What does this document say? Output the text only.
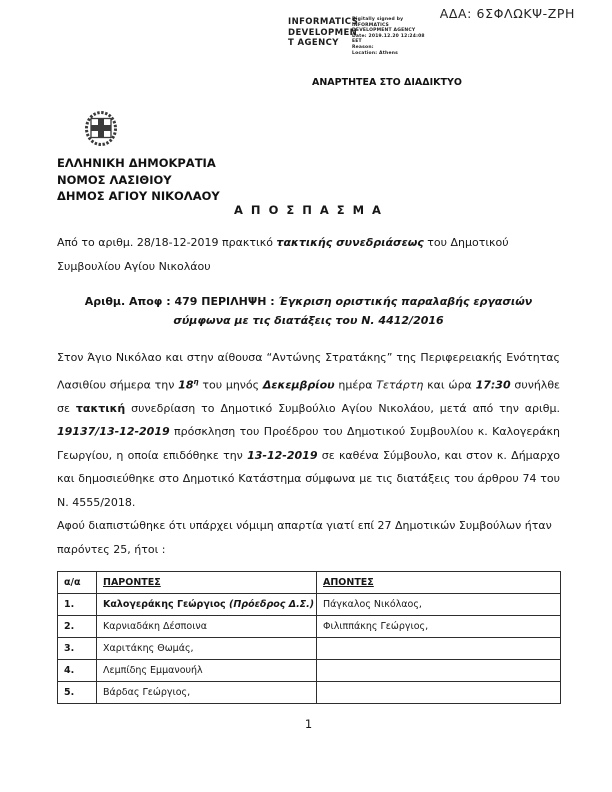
ΑΔΑ: 6ΣΦΛΩΚΨ-ΖΡΗ
INFORMATICS
DEVELOPMEN
T AGENCY
Digitally signed by
INFORMATICS
DEVELOPMENT AGENCY
Date: 2019.12.20 12:24:08
EET
Reason:
Location: Athens
ΑΝΑΡΤΗΤΕΑ ΣΤΟ ΔΙΑΔΙΚΤΥΟ
ΕΛΛΗΝΙΚΗ ΔΗΜΟΚΡΑΤΙΑ
ΝΟΜΟΣ ΛΑΣΙΘΙΟΥ
ΔΗΜΟΣ ΑΓΙΟΥ ΝΙΚΟΛΑΟΥ

Α Π Ο Σ Π Α Σ Μ Α

Από το αριθμ. 28/18-12-2019 πρακτικό τακτικής συνεδριάσεως του Δημοτικού Συμβουλίου Αγίου Νικολάου

Αριθμ. Αποφ : 479 ΠΕΡΙΛΗΨΗ : Έγκριση οριστικής παραλαβής εργασιών σύμφωνα με τις διατάξεις του Ν. 4412/2016

Στον Άγιο Νικόλαο και στην αίθουσα “Αντώνης Στρατάκης” της Περιφερειακής Ενότητας Λασιθίου σήμερα την $18^\eta$ του μηνός Δεκεμβρίου ημέρα Τετάρτη και ώρα 17:30 συνήλθε σε τακτική συνεδρίαση το Δημοτικό Συμβούλιο Αγίου Νικολάου, μετά από την αριθμ. 19137/13-12-2019 πρόσκληση του Προέδρου του Δημοτικού Συμβουλίου κ. Καλογεράκη Γεωργίου, η οποία επιδόθηκε την 13-12-2019 σε καθένα Σύμβουλο, και στον κ. Δήμαρχο και δημοσιεύθηκε στο Δημοτικό Κατάστημα σύμφωνα με τις διατάξεις του άρθρου 74 του Ν. 4555/2018.

Αφού διαπιστώθηκε ότι υπάρχει νόμιμη απαρτία γιατί επί 27 Δημοτικών Συμβούλων ήταν παρόντες 25, ήτοι :

α/α	ΠΑΡΟΝΤΕΣ	ΑΠΟΝΤΕΣ
1.	Καλογεράκης Γεώργιος (Πρόεδρος Δ.Σ.)	Πάγκαλος Νικόλαος,
2.	Καρνιαδάκη Δέσποινα	Φιλιππάκης Γεώργιος,
3.	Χαριτάκης Θωμάς,	
4.	Λεμπίδης Εμμανουήλ	
5.	Βάρδας Γεώργιος,	
1
